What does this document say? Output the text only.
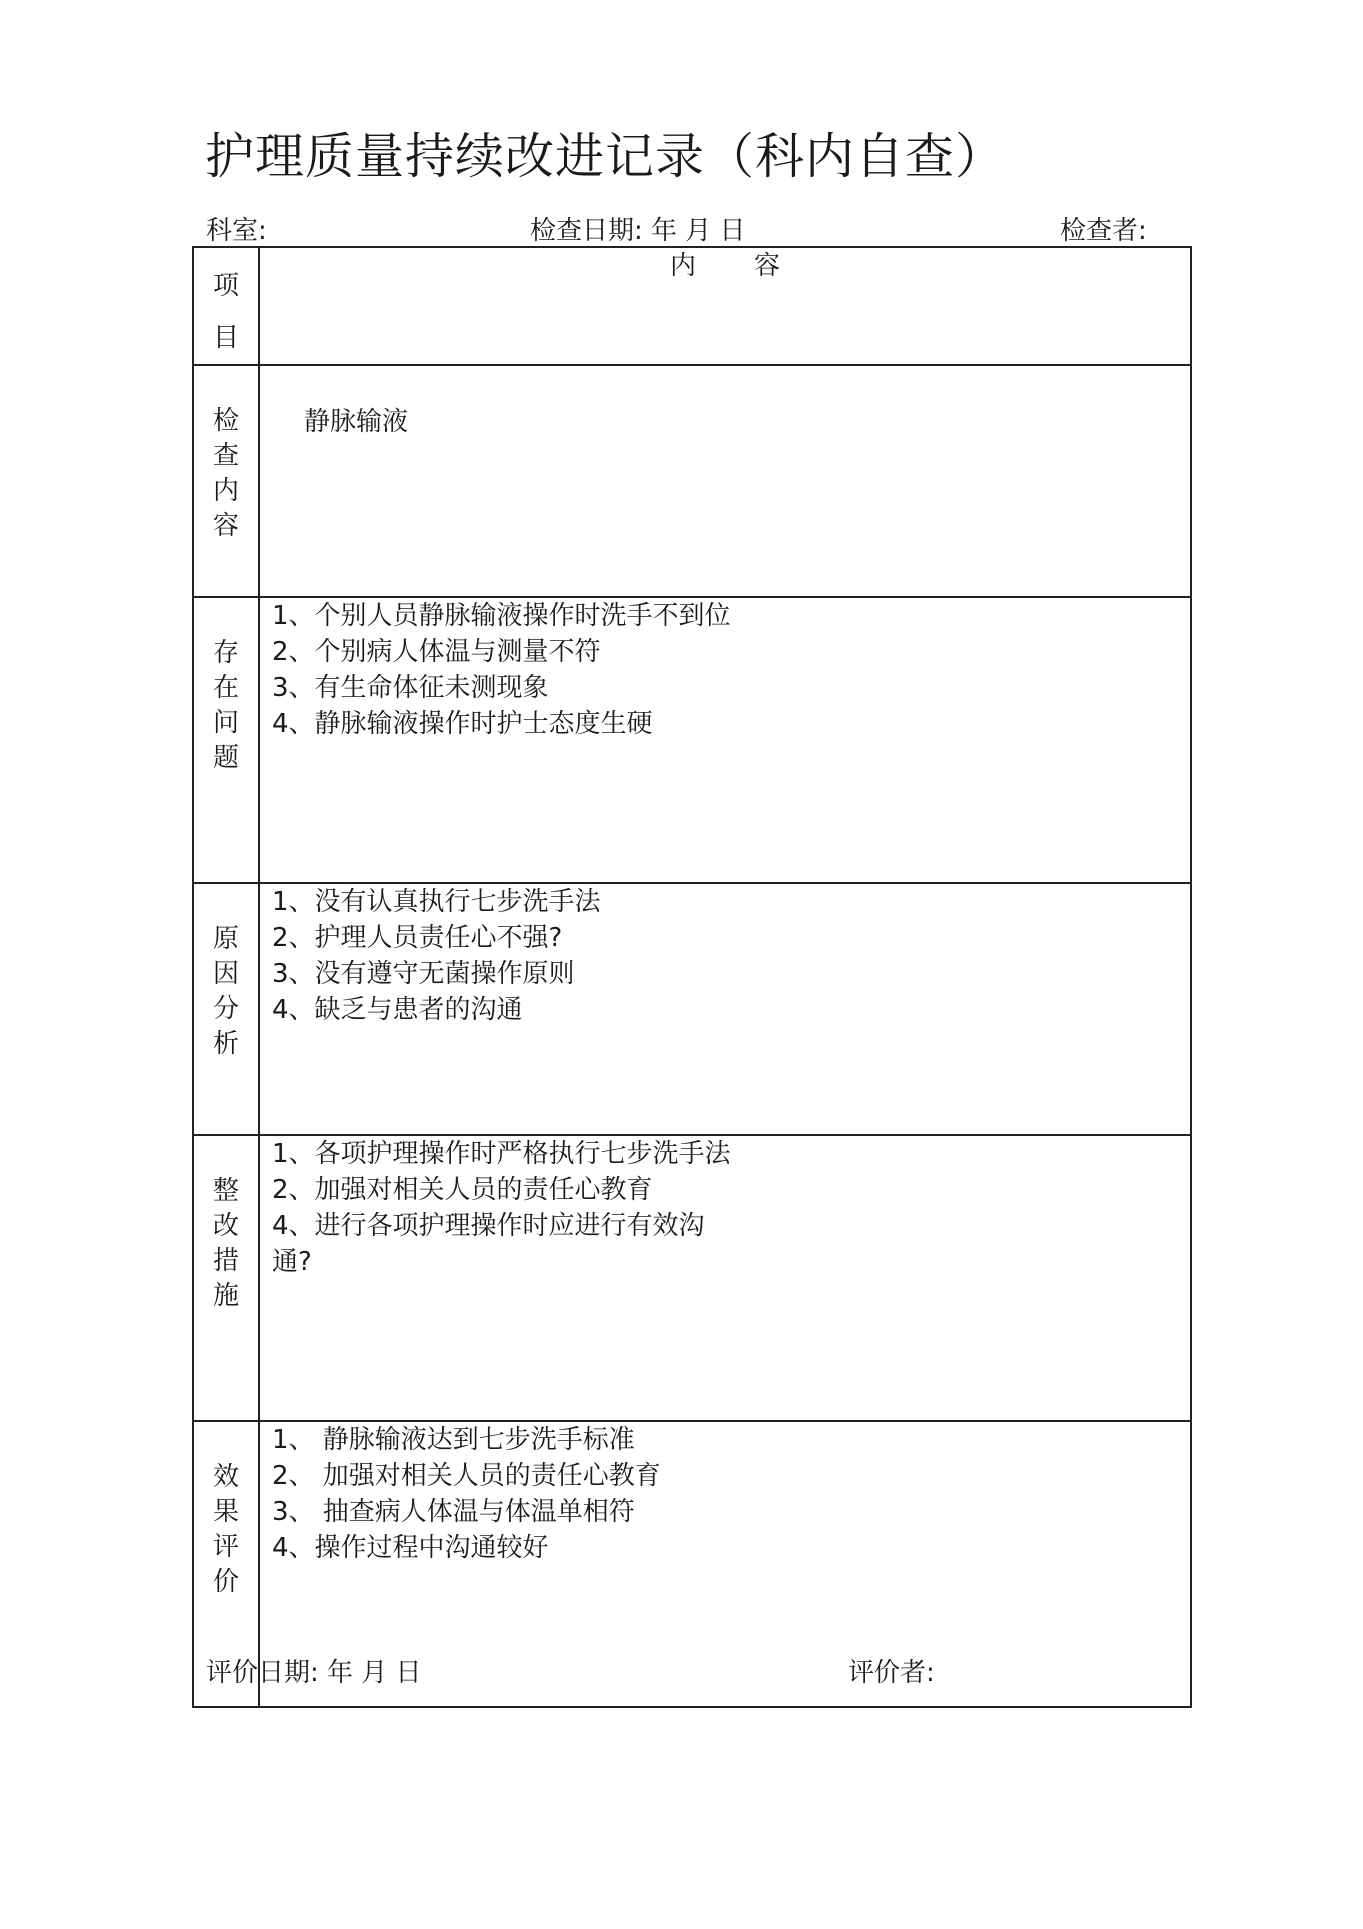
护理质量持续改进记录（科内自查）
科室:	检查日期: 年 月 日	检查者:
项
目	内 容

检
查
内
容	静脉输液

存
在
问
题	1、个别人员静脉输液操作时洗手不到位
2、个别病人体温与测量不符
3、有生命体征未测现象
4、静脉输液操作时护士态度生硬

原
因
分
析	1、没有认真执行七步洗手法
2、护理人员责任心不强?
3、没有遵守无菌操作原则
4、缺乏与患者的沟通

整
改
措
施	1、各项护理操作时严格执行七步洗手法
2、加强对相关人员的责任心教育
4、进行各项护理操作时应进行有效沟
通?

效
果
评
价	1、 静脉输液达到七步洗手标准
2、 加强对相关人员的责任心教育
3、 抽查病人体温与体温单相符
4、操作过程中沟通较好
评价日期: 年 月 日	评价者:
